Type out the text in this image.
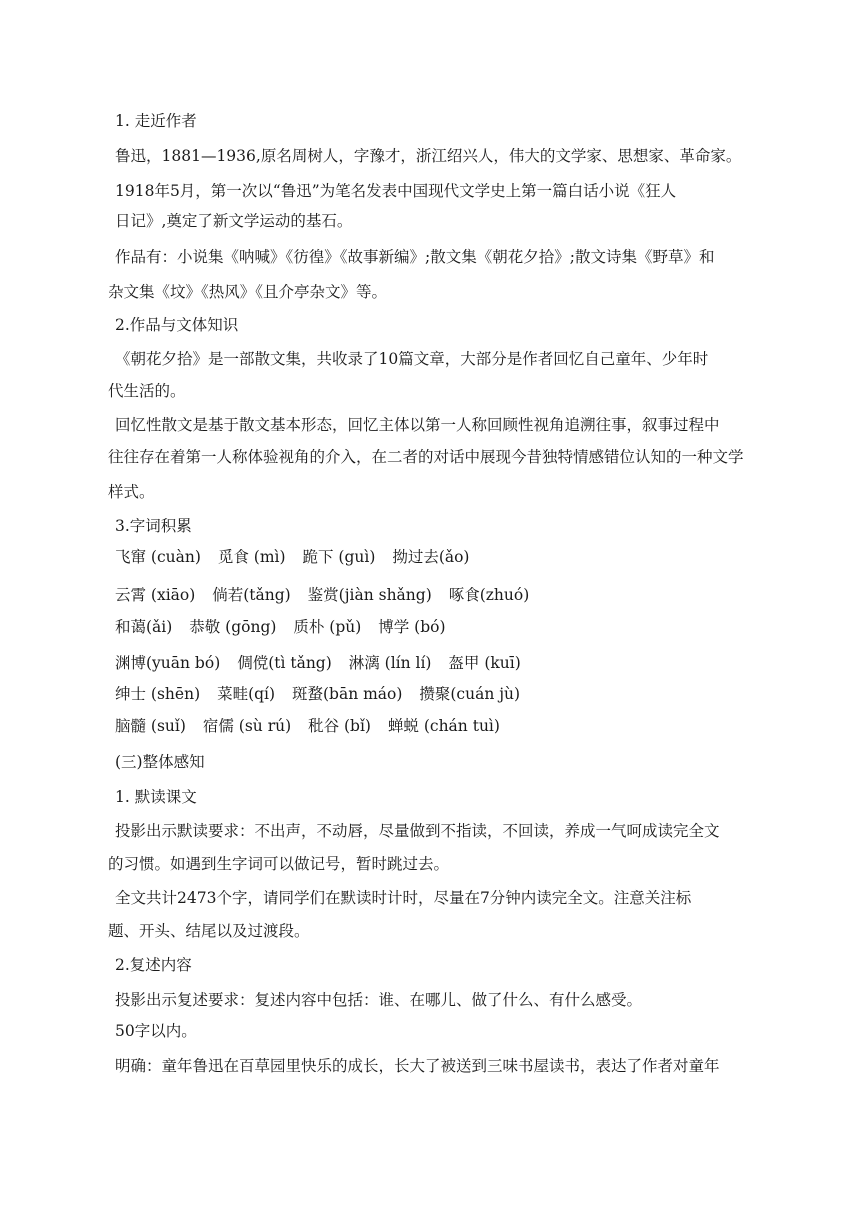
1. 走近作者
鲁迅，1881—1936,原名周树人，字豫才，浙江绍兴人，伟大的文学家、思想家、革命家。
1918年5月，第一次以“鲁迅”为笔名发表中国现代文学史上第一篇白话小说《狂人
日记》,奠定了新文学运动的基石。
作品有：小说集《呐喊》《彷徨》《故事新编》;散文集《朝花夕拾》;散文诗集《野草》和
杂文集《坟》《热风》《且介亭杂文》等。
2.作品与文体知识
《朝花夕拾》是一部散文集，共收录了10篇文章，大部分是作者回忆自己童年、少年时
代生活的。
回忆性散文是基于散文基本形态，回忆主体以第一人称回顾性视角追溯往事，叙事过程中
往往存在着第一人称体验视角的介入，在二者的对话中展现今昔独特情感错位认知的一种文学
样式。
3.字词积累
飞窜 (cuàn) 觅食 (mì) 跪下 (guì) 拗过去(ǎo)
云霄 (xiāo) 倘若(tǎng) 鉴赏(jiàn shǎng) 啄食(zhuó)
和蔼(ǎi) 恭敬 (gōng) 质朴 (pǔ) 博学 (bó)
渊博(yuān bó) 倜傥(tì tǎng) 淋漓 (lín lí) 盔甲 (kuī)
绅士 (shēn) 菜畦(qí) 斑蝥(bān máo) 攒聚(cuán jù)
脑髓 (suǐ) 宿儒 (sù rú) 秕谷 (bǐ) 蝉蜕 (chán tuì)
(三)整体感知
1. 默读课文
投影出示默读要求：不出声，不动唇，尽量做到不指读，不回读，养成一气呵成读完全文
的习惯。如遇到生字词可以做记号，暂时跳过去。
全文共计2473个字，请同学们在默读时计时，尽量在7分钟内读完全文。注意关注标
题、开头、结尾以及过渡段。
2.复述内容
投影出示复述要求：复述内容中包括：谁、在哪儿、做了什么、有什么感受。
50字以内。
明确：童年鲁迅在百草园里快乐的成长，长大了被送到三味书屋读书，表达了作者对童年
